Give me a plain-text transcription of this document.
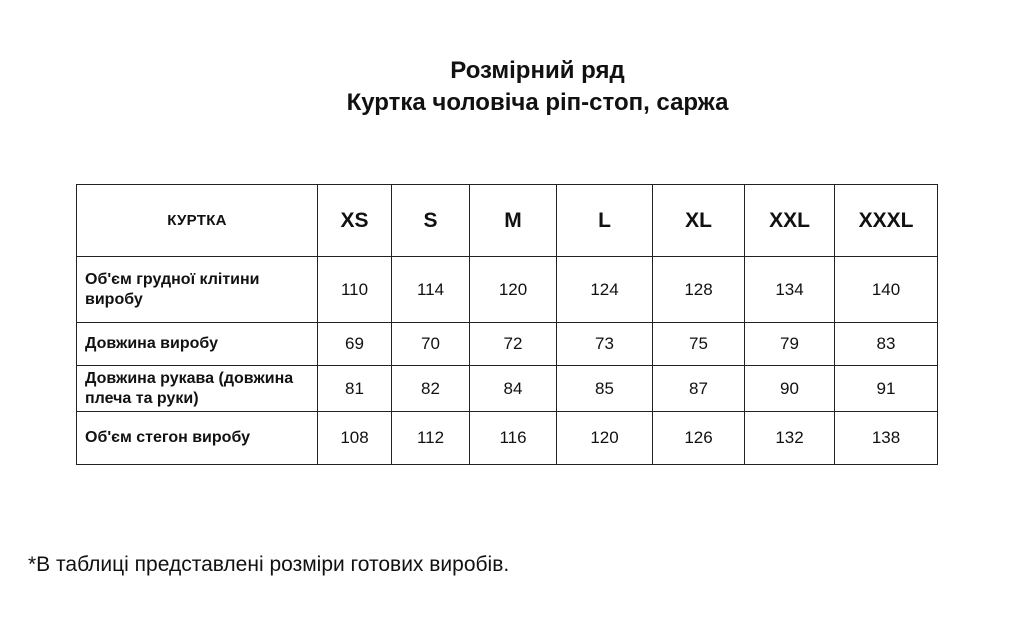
Розмірний ряд
Куртка чоловіча ріп-стоп, саржа
КУРТКА	XS	S	M	L	XL	XXL	XXXL
Об'єм грудної клітини виробу	110	114	120	124	128	134	140
Довжина виробу	69	70	72	73	75	79	83
Довжина рукава (довжина плеча та руки)	81	82	84	85	87	90	91
Об'єм стегон виробу	108	112	116	120	126	132	138

*В таблиці представлені розміри готових виробів.
